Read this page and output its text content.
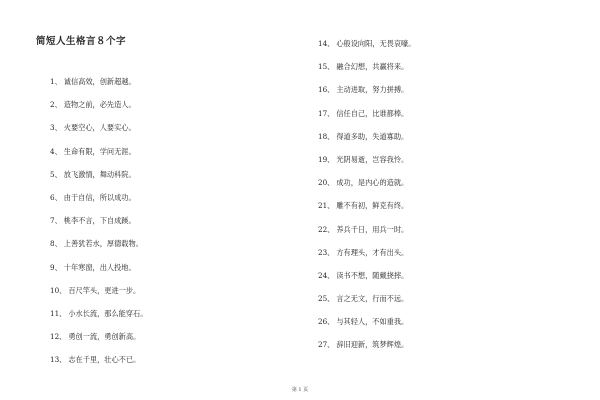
简短人生格言８个字
1、 诚信高效，创新超越。
2、 造物之前，必先造人。
3、 火要空心，人要实心。
4、 生命有限，学问无涯。
5、 放飞激情，舞动科院。
6、 由于自信，所以成功。
7、 桃李不言，下自成蹊。
8、 上善犹若水，厚德载物。
9、 十年寒窗，出人投地。
10、 百尺竿头，更进一步。
11、 小水长流，那么能穿石。
12、 勇创一流，勇创新高。
13、 志在千里，壮心不已。
14、 心般设向阳，无畏哀嚎。
15、 融合幻想，共赢将来。
16、 主动进取，努力拼搏。
17、 信任自己，比谁都棒。
18、 得道多助，失道寡助。
19、 光阴易逝，岂容我怜。
20、 成功，是内心的造就。
21、 雕不有初，鲜克有终。
22、 养兵千日，用兵一时。
23、 方有理头，才有出头。
24、 读书不想，随戴挠摔。
25、 言之无文，行而不远。
26、 与其轻人，不如重我。
27、 辞旧迎新，筑梦辉煌。
第 1 页
